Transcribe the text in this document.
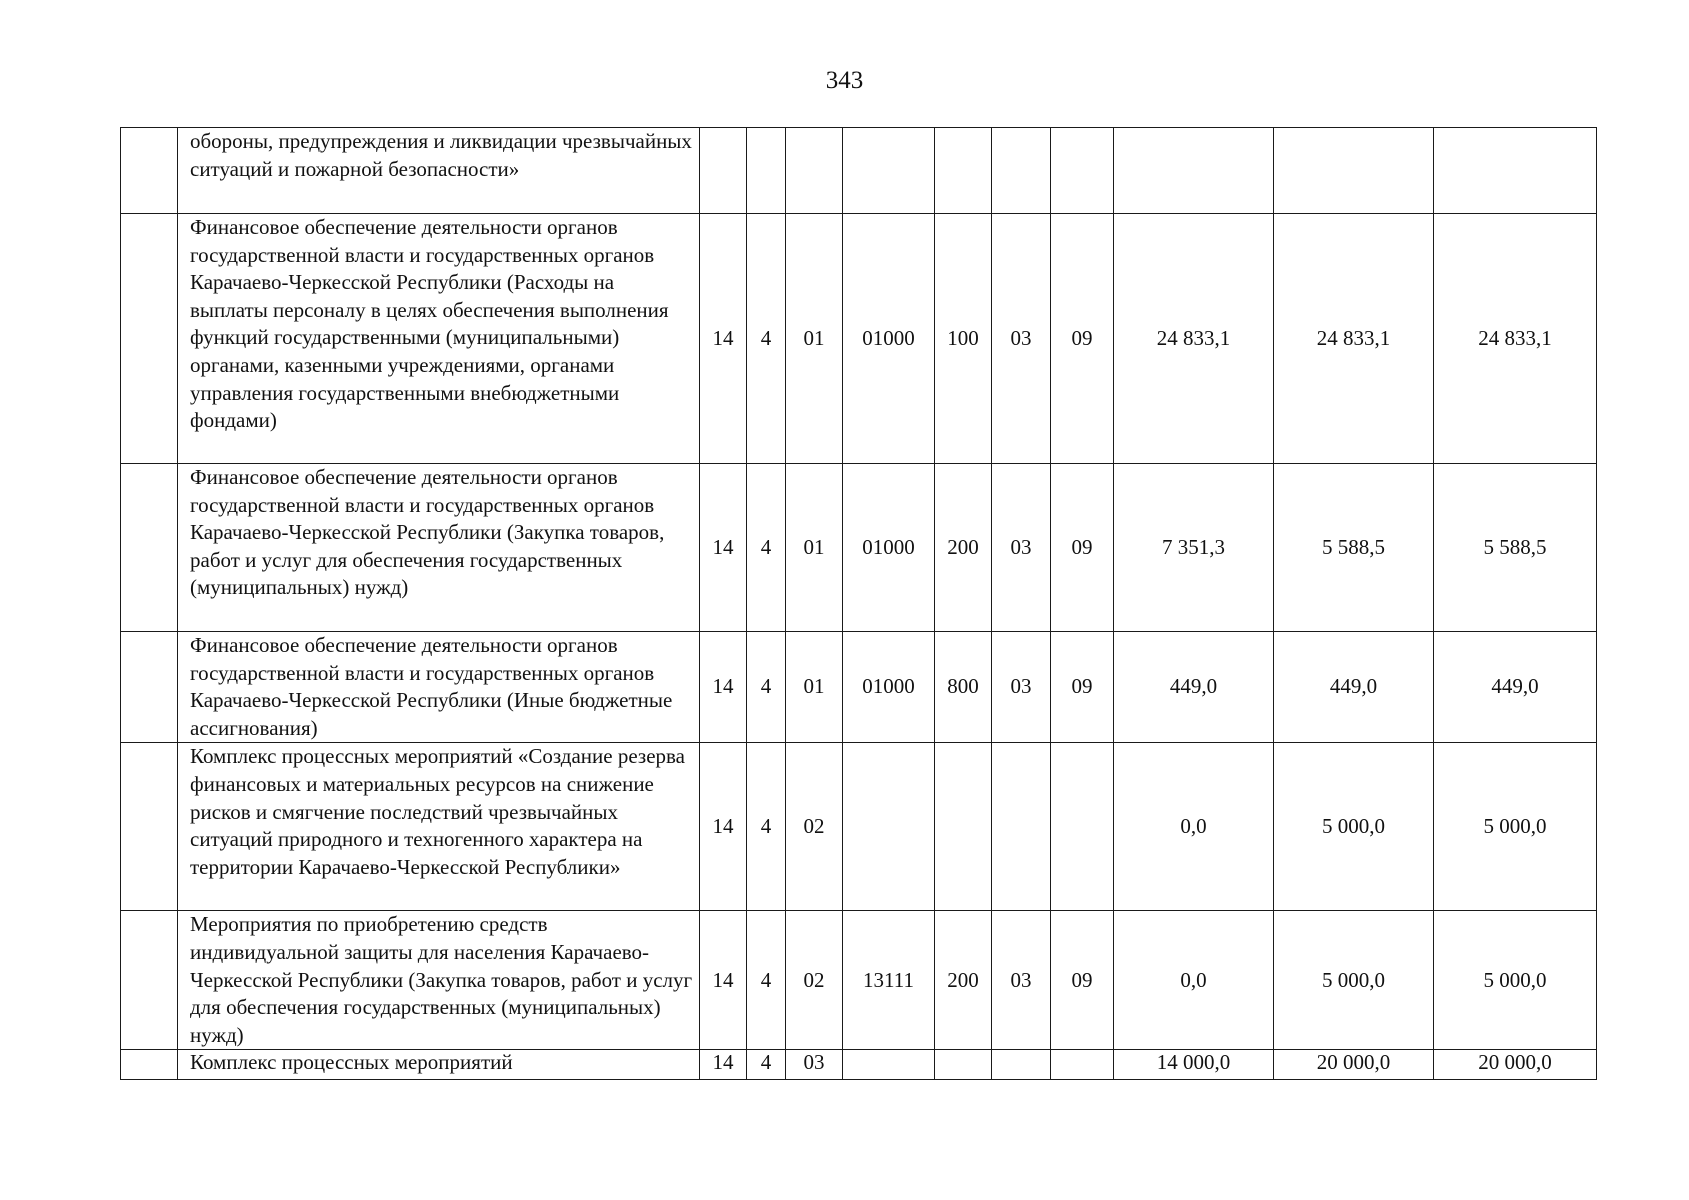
343
	обороны, предупреждения и ликвидации чрезвычайных ситуаций и пожарной безопасности»										
	Финансовое обеспечение деятельности органов государственной власти и государственных органов Карачаево-Черкесской Республики (Расходы на выплаты персоналу в целях обеспечения выполнения функций государственными (муниципальными) органами, казенными учреждениями, органами управления государственными внебюджетными фондами)	14	4	01	01000	100	03	09	24 833,1	24 833,1	24 833,1
	Финансовое обеспечение деятельности органов государственной власти и государственных органов Карачаево-Черкесской Республики (Закупка товаров, работ и услуг для обеспечения государственных (муниципальных) нужд)	14	4	01	01000	200	03	09	7 351,3	5 588,5	5 588,5
	Финансовое обеспечение деятельности органов государственной власти и государственных органов Карачаево-Черкесской Республики (Иные бюджетные ассигнования)	14	4	01	01000	800	03	09	449,0	449,0	449,0
	Комплекс процессных мероприятий «Создание резерва финансовых и материальных ресурсов на снижение рисков и смягчение последствий чрезвычайных ситуаций природного и техногенного характера на территории Карачаево-Черкесской Республики»	14	4	02					0,0	5 000,0	5 000,0
	Мероприятия по приобретению средств индивидуальной защиты для населения Карачаево-Черкесской Республики (Закупка товаров, работ и услуг для обеспечения государственных (муниципальных) нужд)	14	4	02	13111	200	03	09	0,0	5 000,0	5 000,0
	Комплекс процессных мероприятий	14	4	03					14 000,0	20 000,0	20 000,0
